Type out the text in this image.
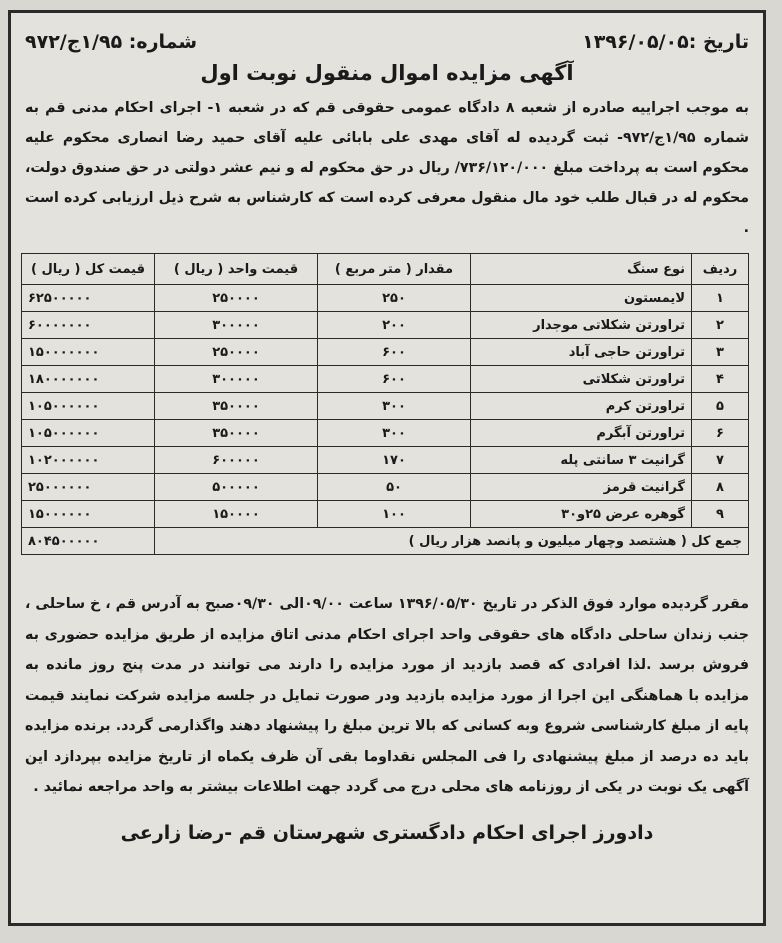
تاریخ :۱۳۹۶/۰۵/۰۵
شماره: ۱/۹۵ج/۹۷۲
آگهی مزایده اموال منقول نوبت اول
به موجب اجراییه صادره از شعبه ۸ دادگاه عمومی حقوقی قم که در شعبه ۱- اجرای احکام مدنی قم به شماره ۱/۹۵ج/۹۷۲- ثبت گردیده له آقای مهدی علی بابائی علیه آقای حمید رضا انصاری محکوم علیه محکوم است به پرداخت مبلغ ۷۳۶/۱۲۰/۰۰۰/ ریال در حق محکوم له و نیم عشر دولتی در حق صندوق دولت، محکوم له در قبال طلب خود مال منقول معرفی کرده است که کارشناس به شرح ذیل ارزیابی کرده است .
ردیف	نوع سنگ	مقدار ( متر مربع )	قیمت واحد ( ریال )	قیمت کل ( ریال )
۱	لایمستون	۲۵۰	۲۵۰۰۰۰	۶۲۵۰۰۰۰۰
۲	تراورتن شکلاتی موجدار	۲۰۰	۳۰۰۰۰۰	۶۰۰۰۰۰۰۰
۳	تراورتن حاجی آباد	۶۰۰	۲۵۰۰۰۰	۱۵۰۰۰۰۰۰۰
۴	تراورتن شکلاتی	۶۰۰	۳۰۰۰۰۰	۱۸۰۰۰۰۰۰۰
۵	تراورتن کرم	۳۰۰	۳۵۰۰۰۰	۱۰۵۰۰۰۰۰۰
۶	تراورتن آبگرم	۳۰۰	۳۵۰۰۰۰	۱۰۵۰۰۰۰۰۰
۷	گرانیت ۳ سانتی پله	۱۷۰	۶۰۰۰۰۰	۱۰۲۰۰۰۰۰۰
۸	گرانیت قرمز	۵۰	۵۰۰۰۰۰	۲۵۰۰۰۰۰۰
۹	گوهره عرض ۲۵و۳۰	۱۰۰	۱۵۰۰۰۰	۱۵۰۰۰۰۰۰
جمع کل ( هشتصد وچهار میلیون و پانصد هزار ریال )				۸۰۴۵۰۰۰۰۰
مقرر گردیده موارد فوق الذکر در تاریخ ۱۳۹۶/۰۵/۳۰ ساعت ۰۹/۰۰الی ۰۹/۳۰صبح به آدرس قم ، خ ساحلی ، جنب زندان ساحلی دادگاه های حقوقی واحد اجرای احکام مدنی اتاق مزایده از طریق مزایده حضوری به فروش برسد .لذا افرادی که قصد بازدید از مورد مزایده را دارند می توانند در مدت پنج روز مانده به مزایده با هماهنگی این اجرا از مورد مزایده بازدید ودر صورت تمایل در جلسه مزایده شرکت نمایند قیمت پایه از مبلغ کارشناسی شروع وبه کسانی که بالا ترین مبلغ را پیشنهاد دهند واگذارمی گردد. برنده مزایده باید ده درصد از مبلغ پیشنهادی را فی المجلس نقداوما بقی آن ظرف یکماه از تاریخ مزایده بپردازد این آگهی یک نوبت در یکی از روزنامه های محلی درج می گردد جهت اطلاعات بیشتر به واحد مراجعه نمائید .
دادورز اجرای احکام دادگستری شهرستان قم -رضا زارعی
